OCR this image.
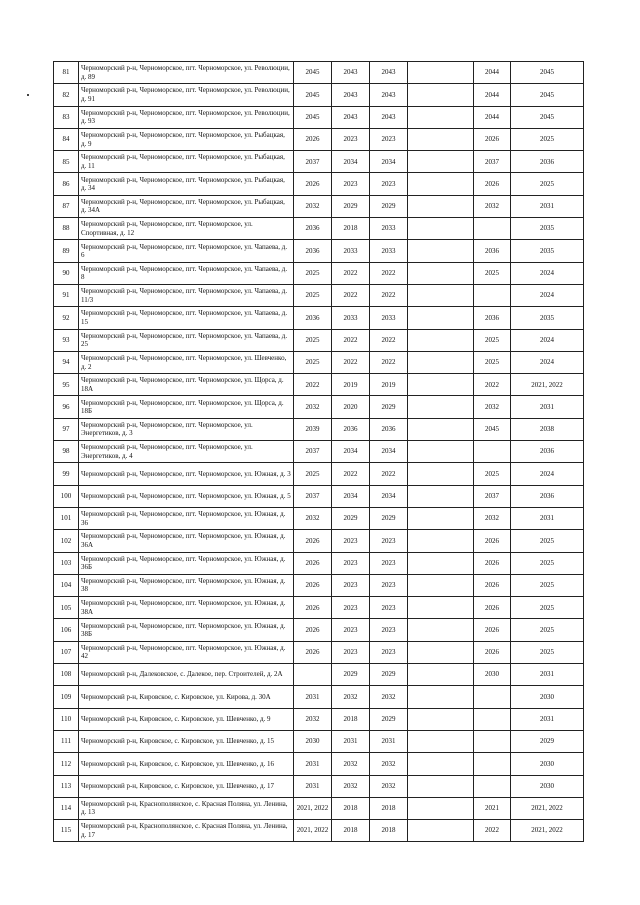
81	Черноморский р-н, Черноморское, пгт. Черноморское, ул. Революции, д. 89	2045	2043	2043		2044	2045
82	Черноморский р-н, Черноморское, пгт. Черноморское, ул. Революции, д. 91	2045	2043	2043		2044	2045
83	Черноморский р-н, Черноморское, пгт. Черноморское, ул. Революции, д. 93	2045	2043	2043		2044	2045
84	Черноморский р-н, Черноморское, пгт. Черноморское, ул. Рыбацкая, д. 9	2026	2023	2023		2026	2025
85	Черноморский р-н, Черноморское, пгт. Черноморское, ул. Рыбацкая, д. 11	2037	2034	2034		2037	2036
86	Черноморский р-н, Черноморское, пгт. Черноморское, ул. Рыбацкая, д. 34	2026	2023	2023		2026	2025
87	Черноморский р-н, Черноморское, пгт. Черноморское, ул. Рыбацкая, д. 34А	2032	2029	2029		2032	2031
88	Черноморский р-н, Черноморское, пгт. Черноморское, ул. Спортивная, д. 12	2036	2018	2033			2035
89	Черноморский р-н, Черноморское, пгт. Черноморское, ул. Чапаева, д. 6	2036	2033	2033		2036	2035
90	Черноморский р-н, Черноморское, пгт. Черноморское, ул. Чапаева, д. 8	2025	2022	2022		2025	2024
91	Черноморский р-н, Черноморское, пгт. Черноморское, ул. Чапаева, д. 11/3	2025	2022	2022			2024
92	Черноморский р-н, Черноморское, пгт. Черноморское, ул. Чапаева, д. 15	2036	2033	2033		2036	2035
93	Черноморский р-н, Черноморское, пгт. Черноморское, ул. Чапаева, д. 25	2025	2022	2022		2025	2024
94	Черноморский р-н, Черноморское, пгт. Черноморское, ул. Шевченко, д. 2	2025	2022	2022		2025	2024
95	Черноморский р-н, Черноморское, пгт. Черноморское, ул. Щорса, д. 18А	2022	2019	2019		2022	2021, 2022
96	Черноморский р-н, Черноморское, пгт. Черноморское, ул. Щорса, д. 18Б	2032	2020	2029		2032	2031
97	Черноморский р-н, Черноморское, пгт. Черноморское, ул. Энергетиков, д. 3	2039	2036	2036		2045	2038
98	Черноморский р-н, Черноморское, пгт. Черноморское, ул. Энергетиков, д. 4	2037	2034	2034			2036
99	Черноморский р-н, Черноморское, пгт. Черноморское, ул. Южная, д. 3	2025	2022	2022		2025	2024
100	Черноморский р-н, Черноморское, пгт. Черноморское, ул. Южная, д. 5	2037	2034	2034		2037	2036
101	Черноморский р-н, Черноморское, пгт. Черноморское, ул. Южная, д. 36	2032	2029	2029		2032	2031
102	Черноморский р-н, Черноморское, пгт. Черноморское, ул. Южная, д. 36А	2026	2023	2023		2026	2025
103	Черноморский р-н, Черноморское, пгт. Черноморское, ул. Южная, д. 36Б	2026	2023	2023		2026	2025
104	Черноморский р-н, Черноморское, пгт. Черноморское, ул. Южная, д. 38	2026	2023	2023		2026	2025
105	Черноморский р-н, Черноморское, пгт. Черноморское, ул. Южная, д. 38А	2026	2023	2023		2026	2025
106	Черноморский р-н, Черноморское, пгт. Черноморское, ул. Южная, д. 38Б	2026	2023	2023		2026	2025
107	Черноморский р-н, Черноморское, пгт. Черноморское, ул. Южная, д. 42	2026	2023	2023		2026	2025
108	Черноморский р-н, Далековское, с. Далекое, пер. Строителей, д. 2А		2029	2029		2030	2031
109	Черноморский р-н, Кировское, с. Кировское, ул. Кирова, д. 30А	2031	2032	2032			2030
110	Черноморский р-н, Кировское, с. Кировское, ул. Шевченко, д. 9	2032	2018	2029			2031
111	Черноморский р-н, Кировское, с. Кировское, ул. Шевченко, д. 15	2030	2031	2031			2029
112	Черноморский р-н, Кировское, с. Кировское, ул. Шевченко, д. 16	2031	2032	2032			2030
113	Черноморский р-н, Кировское, с. Кировское, ул. Шевченко, д. 17	2031	2032	2032			2030
114	Черноморский р-н, Краснополянское, с. Красная Поляна, ул. Ленина, д. 13	2021, 2022	2018	2018		2021	2021, 2022
115	Черноморский р-н, Краснополянское, с. Красная Поляна, ул. Ленина, д. 17	2021, 2022	2018	2018		2022	2021, 2022
